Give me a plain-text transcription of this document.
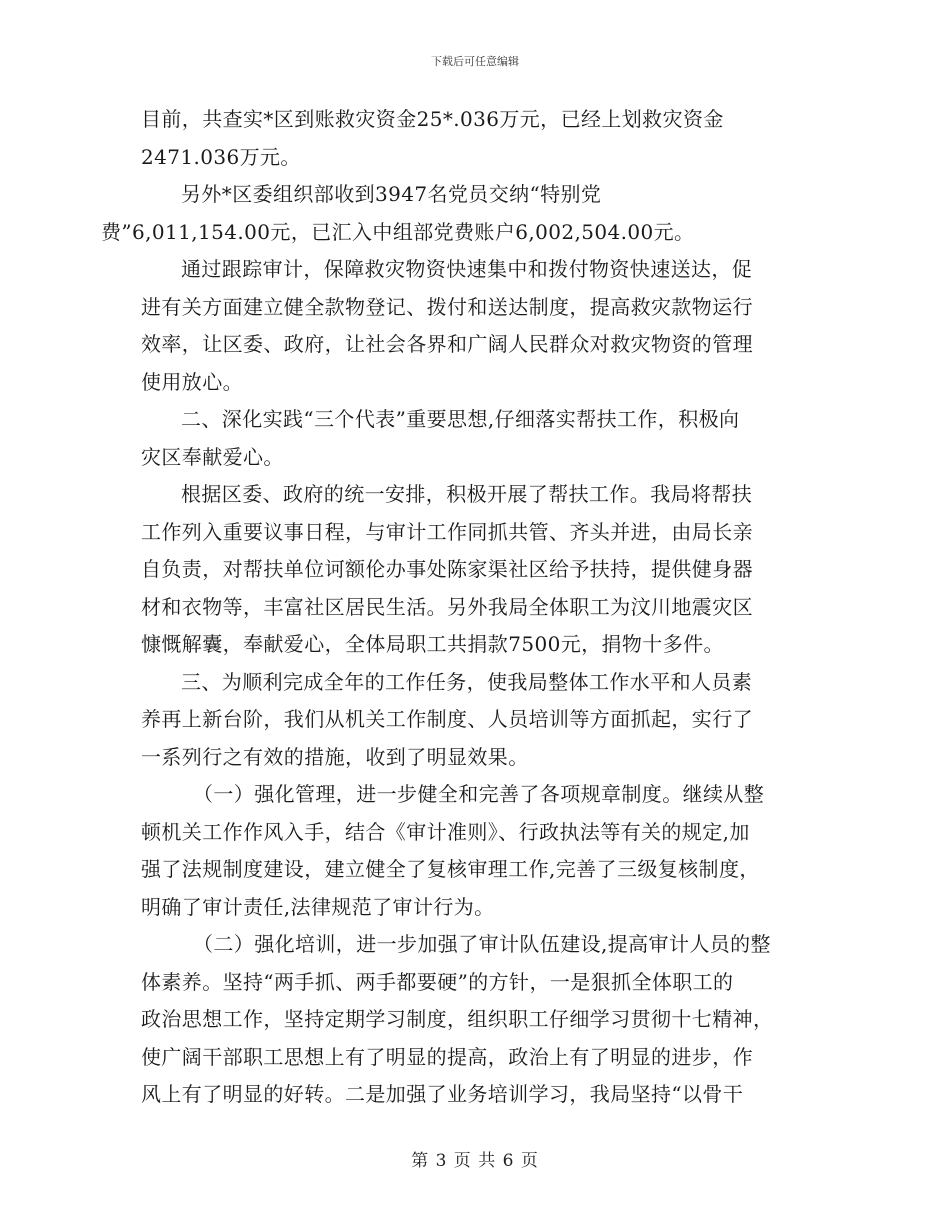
下载后可任意编辑

目前，共查实*区到账救灾资金25*.036万元，已经上划救灾资金
2471.036万元。

另外*区委组织部收到3947名党员交纳“特别党
费”6,011,154.00元，已汇入中组部党费账户6,002,504.00元。

通过跟踪审计，保障救灾物资快速集中和拨付物资快速送达，促
进有关方面建立健全款物登记、拨付和送达制度，提高救灾款物运行
效率，让区委、政府，让社会各界和广阔人民群众对救灾物资的管理
使用放心。

二、深化实践“三个代表”重要思想,仔细落实帮扶工作，积极向
灾区奉献爱心。

根据区委、政府的统一安排，积极开展了帮扶工作。我局将帮扶
工作列入重要议事日程，与审计工作同抓共管、齐头并进，由局长亲
自负责，对帮扶单位诃额伦办事处陈家渠社区给予扶持，提供健身器
材和衣物等，丰富社区居民生活。另外我局全体职工为汶川地震灾区
慷慨解囊，奉献爱心，全体局职工共捐款7500元，捐物十多件。

三、为顺利完成全年的工作任务，使我局整体工作水平和人员素
养再上新台阶，我们从机关工作制度、人员培训等方面抓起，实行了
一系列行之有效的措施，收到了明显效果。

（一）强化管理，进一步健全和完善了各项规章制度。继续从整
顿机关工作作风入手，结合《审计准则》、行政执法等有关的规定,加
强了法规制度建设，建立健全了复核审理工作,完善了三级复核制度，
明确了审计责任,法律规范了审计行为。

（二）强化培训，进一步加强了审计队伍建设,提高审计人员的整
体素养。坚持“两手抓、两手都要硬”的方针，一是狠抓全体职工的
政治思想工作，坚持定期学习制度，组织职工仔细学习贯彻十七精神，
使广阔干部职工思想上有了明显的提高，政治上有了明显的进步，作
风上有了明显的好转。二是加强了业务培训学习，我局坚持“以骨干

第 3 页 共 6 页
